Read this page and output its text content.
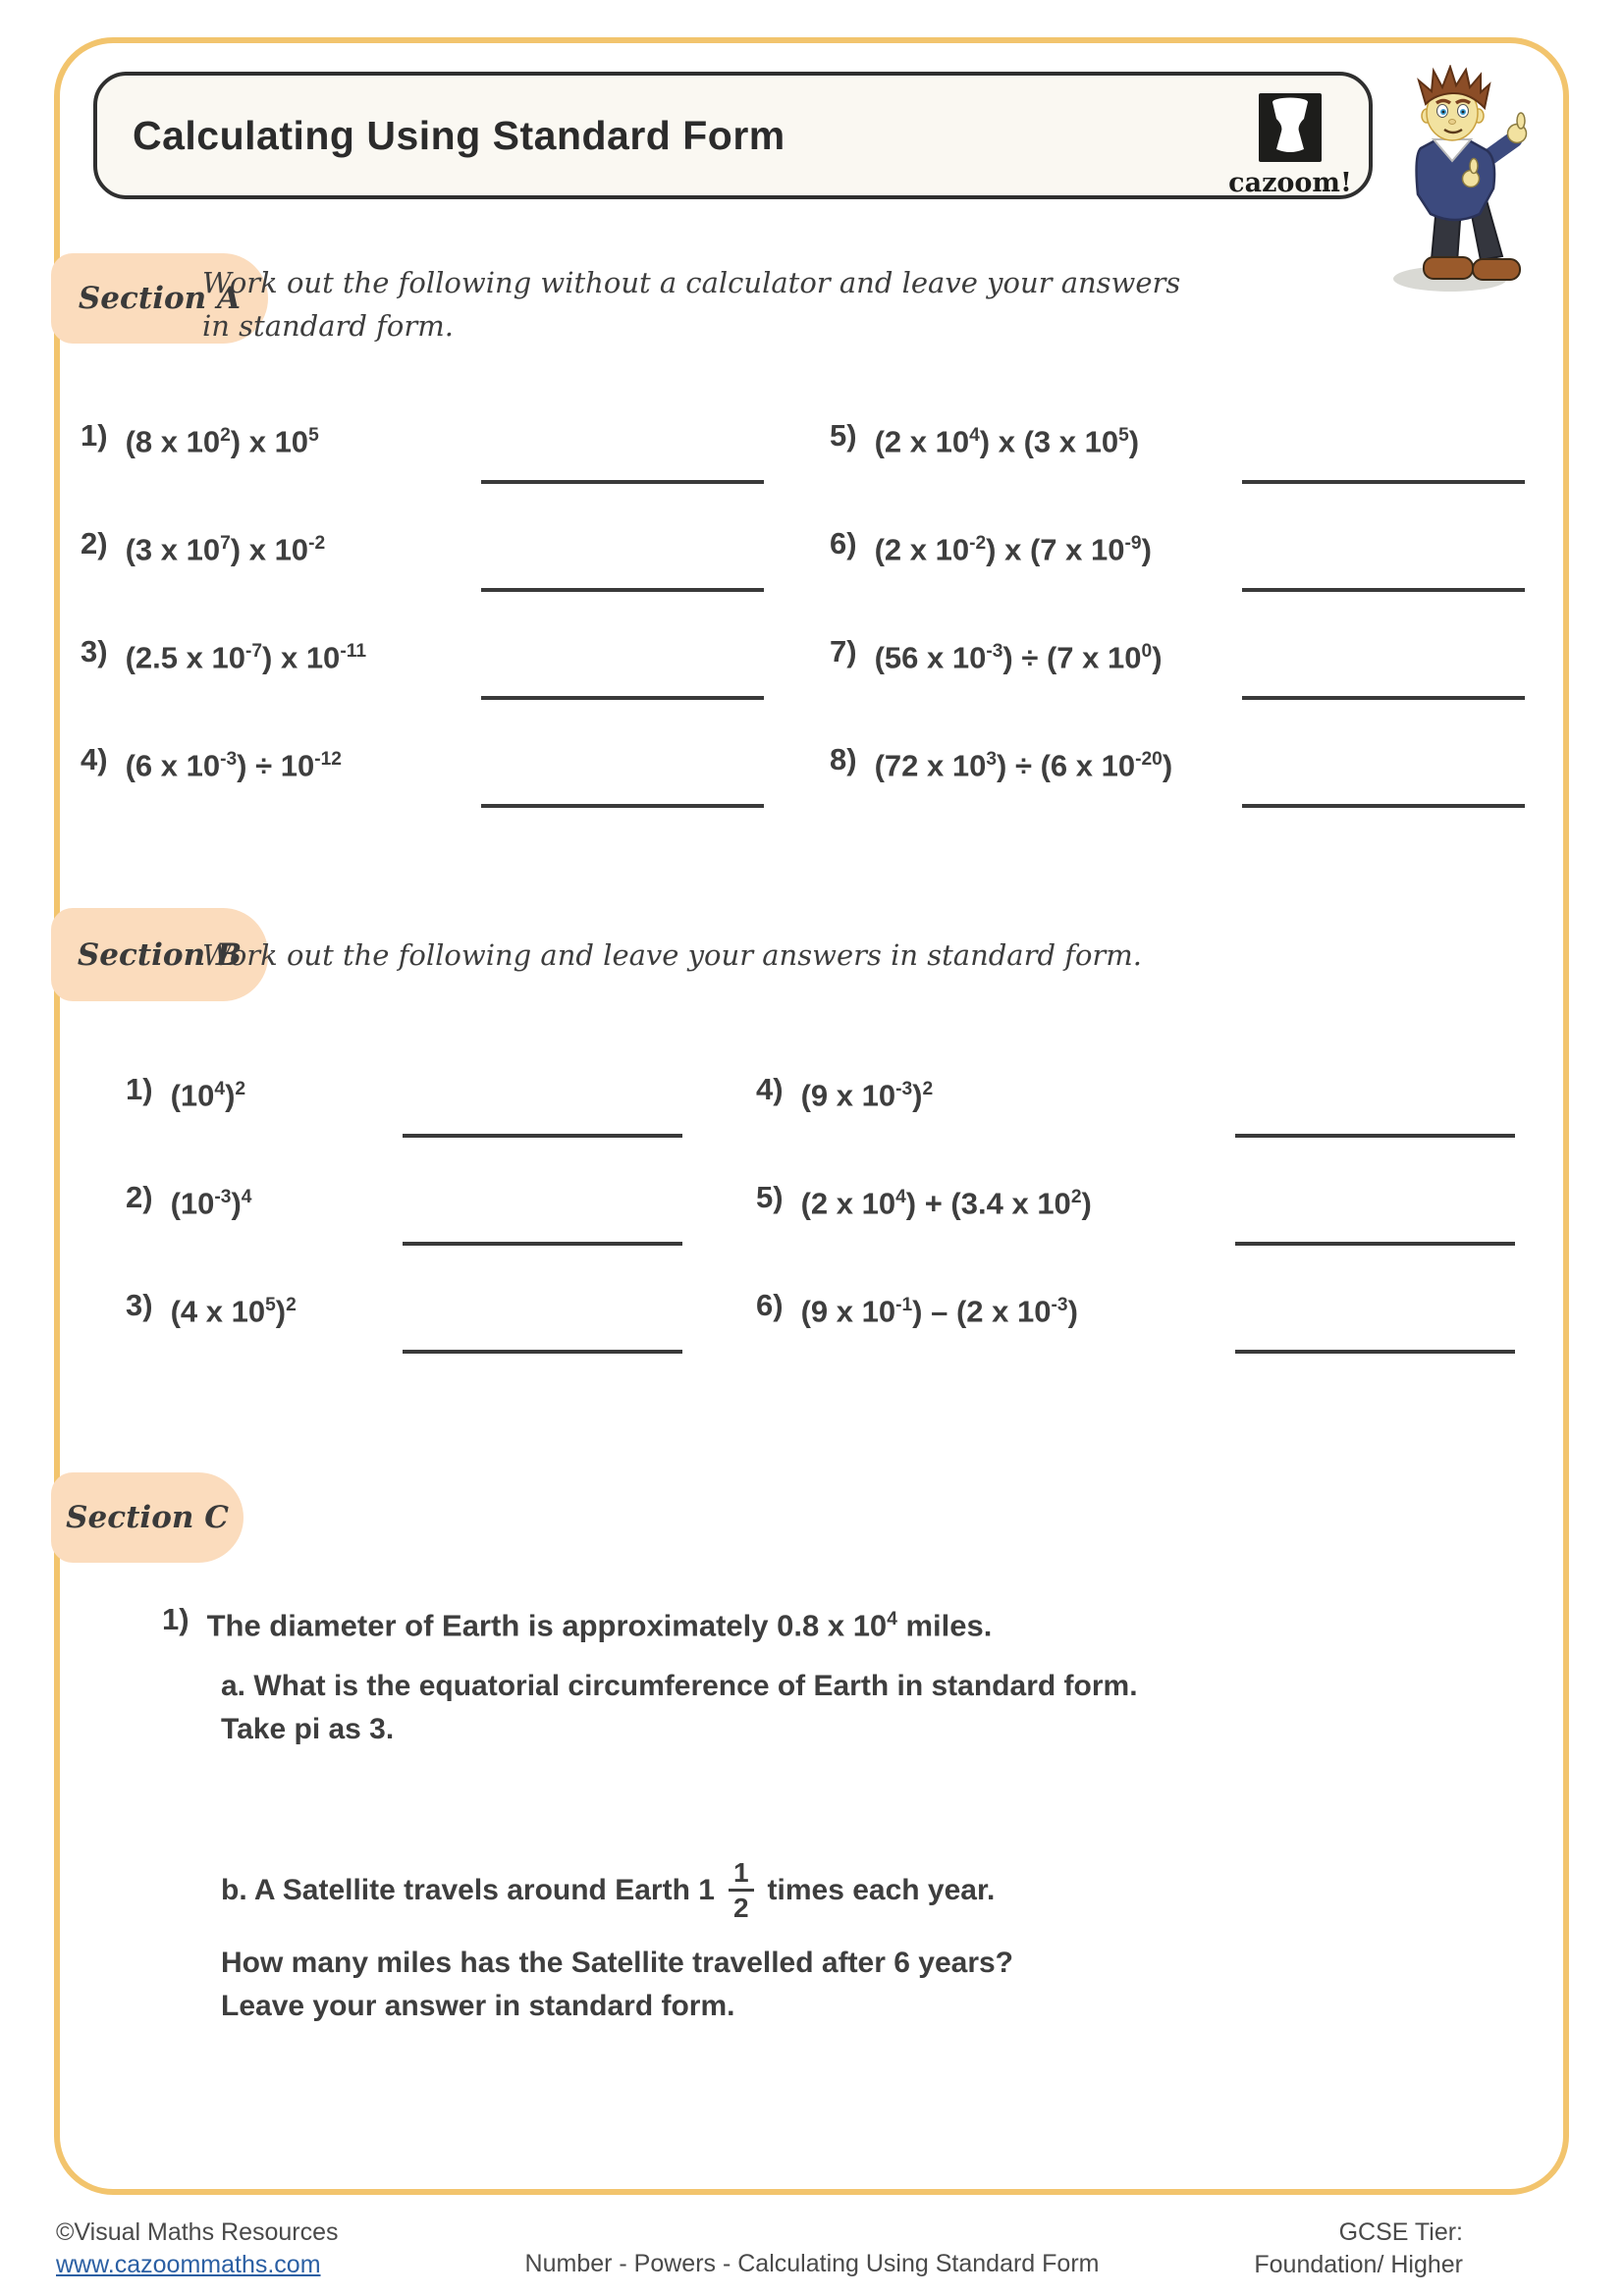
Calculating Using Standard Form
cazoom!
Section A
Work out the following without a calculator and leave your answers
in standard form.
1) (8 x $10^2$) x $10^5$
2) (3 x $10^7$) x $10^{-2}$
3) (2.5 x $10^{-7}$) x $10^{-11}$
4) (6 x $10^{-3}) \div 10^{-12}$
5) (2 x $10^4$) x (3 x $10^5$)
6) (2 x $10^{-2}$) x (7 x $10^{-9}$)
7) (56 x $10^{-3}) \div (7$ x $10^0$)
8) (72 x $10^3) \div (6$ x $10^{-20}$)
Section B
Work out the following and leave your answers in standard form.
1) $(10^4)^2$
2) $(10^{-3})^4$
3) (4 x $10^5)^2$
4) (9 x $10^{-3})^2$
5) (2 x $10^4) + (3.4$ x $10^2$)
6) (9 x $10^{-1}) - (2$ x $10^{-3}$)
Section C
1) The diameter of Earth is approximately 0.8 x $10^4$ miles.
a. What is the equatorial circumference of Earth in standard form.
Take pi as 3.
b. A Satellite travels around Earth $1 \frac{1}{2}$ times each year.
How many miles has the Satellite travelled after 6 years?
Leave your answer in standard form.
©Visual Maths Resources
www.cazoommaths.com	Number - Powers - Calculating Using Standard Form
GCSE Tier:
Foundation/ Higher
